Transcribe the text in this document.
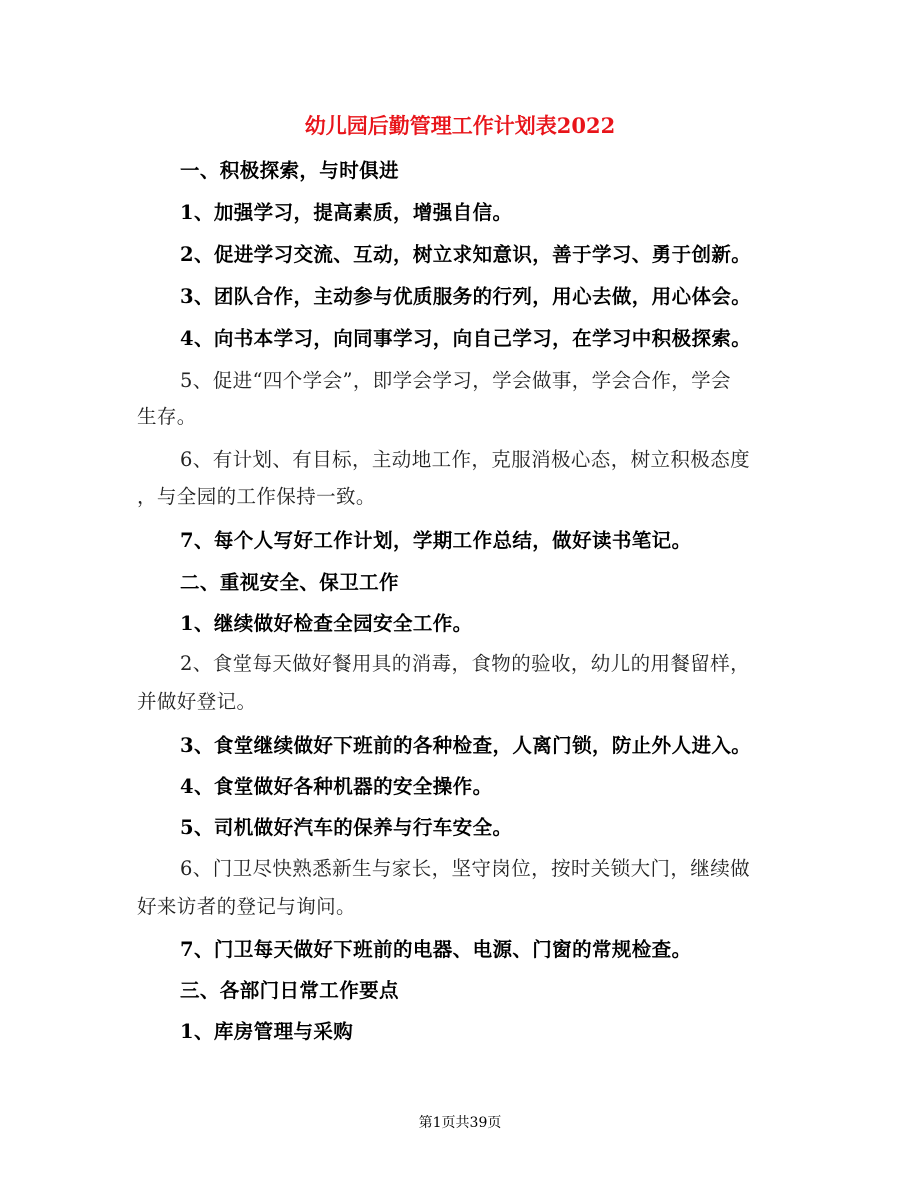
幼儿园后勤管理工作计划表2022
一、积极探索，与时俱进
1、加强学习，提高素质，增强自信。
2、促进学习交流、互动，树立求知意识，善于学习、勇于创新。
3、团队合作，主动参与优质服务的行列，用心去做，用心体会。
4、向书本学习，向同事学习，向自己学习，在学习中积极探索。
5、促进“四个学会”，即学会学习，学会做事，学会合作，学会
生存。
6、有计划、有目标，主动地工作，克服消极心态，树立积极态度
，与全园的工作保持一致。
7、每个人写好工作计划，学期工作总结，做好读书笔记。
二、重视安全、保卫工作
1、继续做好检查全园安全工作。
2、食堂每天做好餐用具的消毒，食物的验收，幼儿的用餐留样，
并做好登记。
3、食堂继续做好下班前的各种检查，人离门锁，防止外人进入。
4、食堂做好各种机器的安全操作。
5、司机做好汽车的保养与行车安全。
6、门卫尽快熟悉新生与家长，坚守岗位，按时关锁大门，继续做
好来访者的登记与询问。
7、门卫每天做好下班前的电器、电源、门窗的常规检查。
三、各部门日常工作要点
1、库房管理与采购
第1页共39页
